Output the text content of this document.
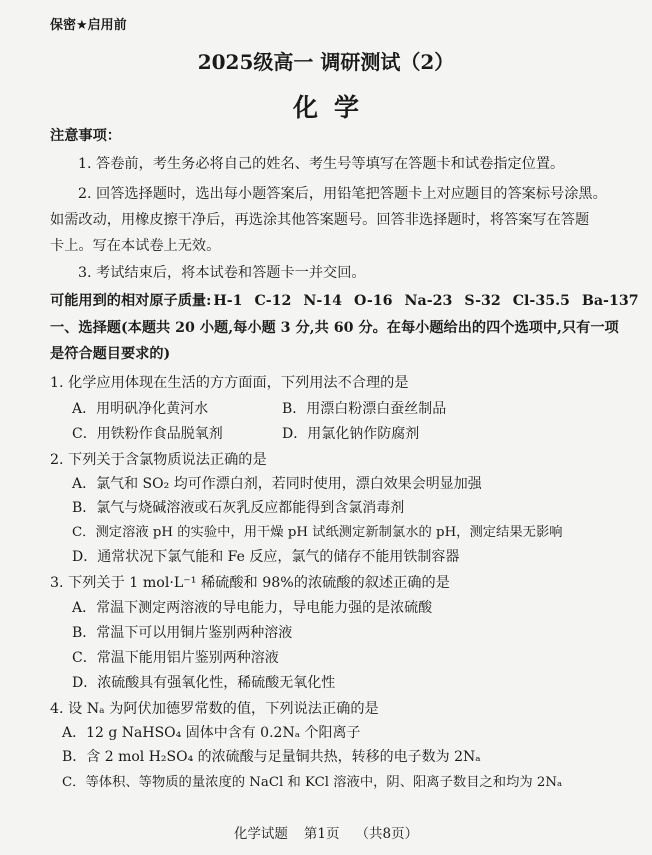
保密★启用前
2025级高一 调研测试（2）
化学
注意事项：
1. 答卷前，考生务必将自己的姓名、考生号等填写在答题卡和试卷指定位置。
2. 回答选择题时，选出每小题答案后，用铅笔把答题卡上对应题目的答案标号涂黑。
如需改动，用橡皮擦干净后，再选涂其他答案题号。回答非选择题时，将答案写在答题
卡上。写在本试卷上无效。
3. 考试结束后，将本试卷和答题卡一并交回。
可能用到的相对原子质量: H-1 C-12 N-14 O-16 Na-23 S-32 Cl-35.5 Ba-137
一、选择题(本题共 20 小题,每小题 3 分,共 60 分。在每小题给出的四个选项中,只有一项
是符合题目要求的)
1. 化学应用体现在生活的方方面面，下列用法不合理的是
A．用明矾净化黄河水	B．用漂白粉漂白蚕丝制品
C．用铁粉作食品脱氧剂	D．用氯化钠作防腐剂
2. 下列关于含氯物质说法正确的是
A．氯气和 SO₂ 均可作漂白剂，若同时使用，漂白效果会明显加强
B．氯气与烧碱溶液或石灰乳反应都能得到含氯消毒剂
C．测定溶液 pH 的实验中，用干燥 pH 试纸测定新制氯水的 pH，测定结果无影响
D．通常状况下氯气能和 Fe 反应，氯气的储存不能用铁制容器
3. 下列关于 1 mol·L⁻¹ 稀硫酸和 98%的浓硫酸的叙述正确的是
A．常温下测定两溶液的导电能力，导电能力强的是浓硫酸
B．常温下可以用铜片鉴别两种溶液
C．常温下能用铝片鉴别两种溶液
D．浓硫酸具有强氧化性，稀硫酸无氧化性
4. 设 Nₐ 为阿伏加德罗常数的值，下列说法正确的是
A．12 g NaHSO₄ 固体中含有 0.2Nₐ 个阳离子
B．含 2 mol H₂SO₄ 的浓硫酸与足量铜共热，转移的电子数为 2Nₐ
C．等体积、等物质的量浓度的 NaCl 和 KCl 溶液中，阴、阳离子数目之和均为 2Nₐ
化学试题 第1页 （共8页）
